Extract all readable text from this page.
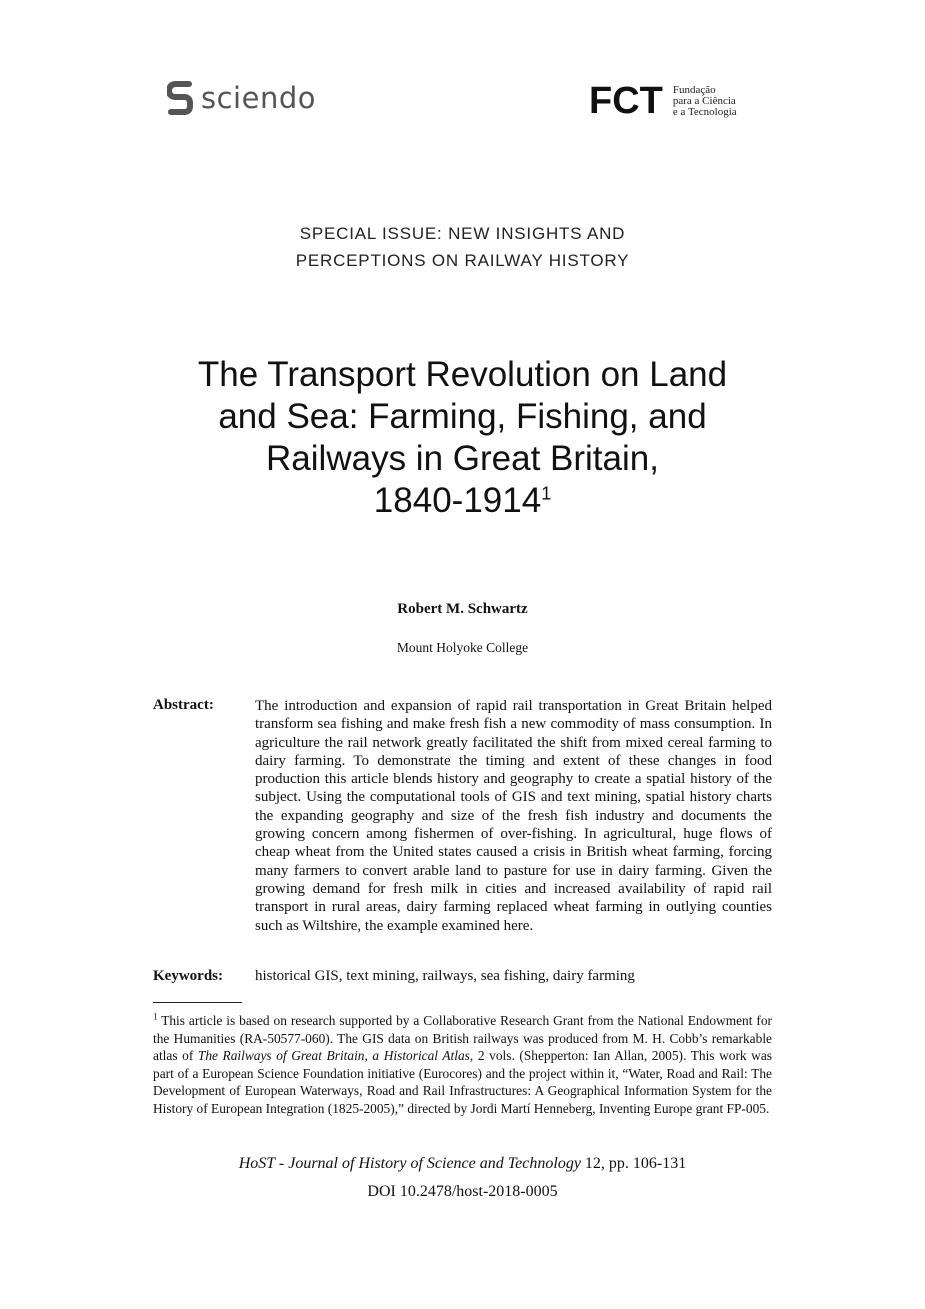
sciendo	FCT Fundação
para a Ciência
e a Tecnologia
SPECIAL ISSUE: NEW INSIGHTS AND
PERCEPTIONS ON RAILWAY HISTORY
The Transport Revolution on Land
and Sea: Farming, Fishing, and
Railways in Great Britain,
1840-1914$^1$
Robert M. Schwartz
Mount Holyoke College
Abstract:	The introduction and expansion of rapid rail transportation in Great Britain helped transform sea fishing and make fresh fish a new commodity of mass consumption. In agriculture the rail network greatly facilitated the shift from mixed cereal farming to dairy farming. To demonstrate the timing and extent of these changes in food production this article blends history and geography to create a spatial history of the subject. Using the computational tools of GIS and text mining, spatial history charts the expanding geography and size of the fresh fish industry and documents the growing concern among fishermen of over-fishing. In agricultural, huge flows of cheap wheat from the United states caused a crisis in British wheat farming, forcing many farmers to convert arable land to pasture for use in dairy farming. Given the growing demand for fresh milk in cities and increased availability of rapid rail transport in rural areas, dairy farming replaced wheat farming in outlying counties such as Wiltshire, the example examined here.
Keywords: historical GIS, text mining, railways, sea fishing, dairy farming
$^1$ This article is based on research supported by a Collaborative Research Grant from the National Endowment for the Humanities (RA-50577-060). The GIS data on British railways was produced from M. H. Cobb’s remarkable atlas of The Railways of Great Britain, a Historical Atlas, 2 vols. (Shepperton: Ian Allan, 2005). This work was part of a European Science Foundation initiative (Eurocores) and the project within it, “Water, Road and Rail: The Development of European Waterways, Road and Rail Infrastructures: A Geographical Information System for the History of European Integration (1825-2005),” directed by Jordi Martí Henneberg, Inventing Europe grant FP-005.
HoST - Journal of History of Science and Technology 12, pp. 106-131
DOI 10.2478/host-2018-0005
